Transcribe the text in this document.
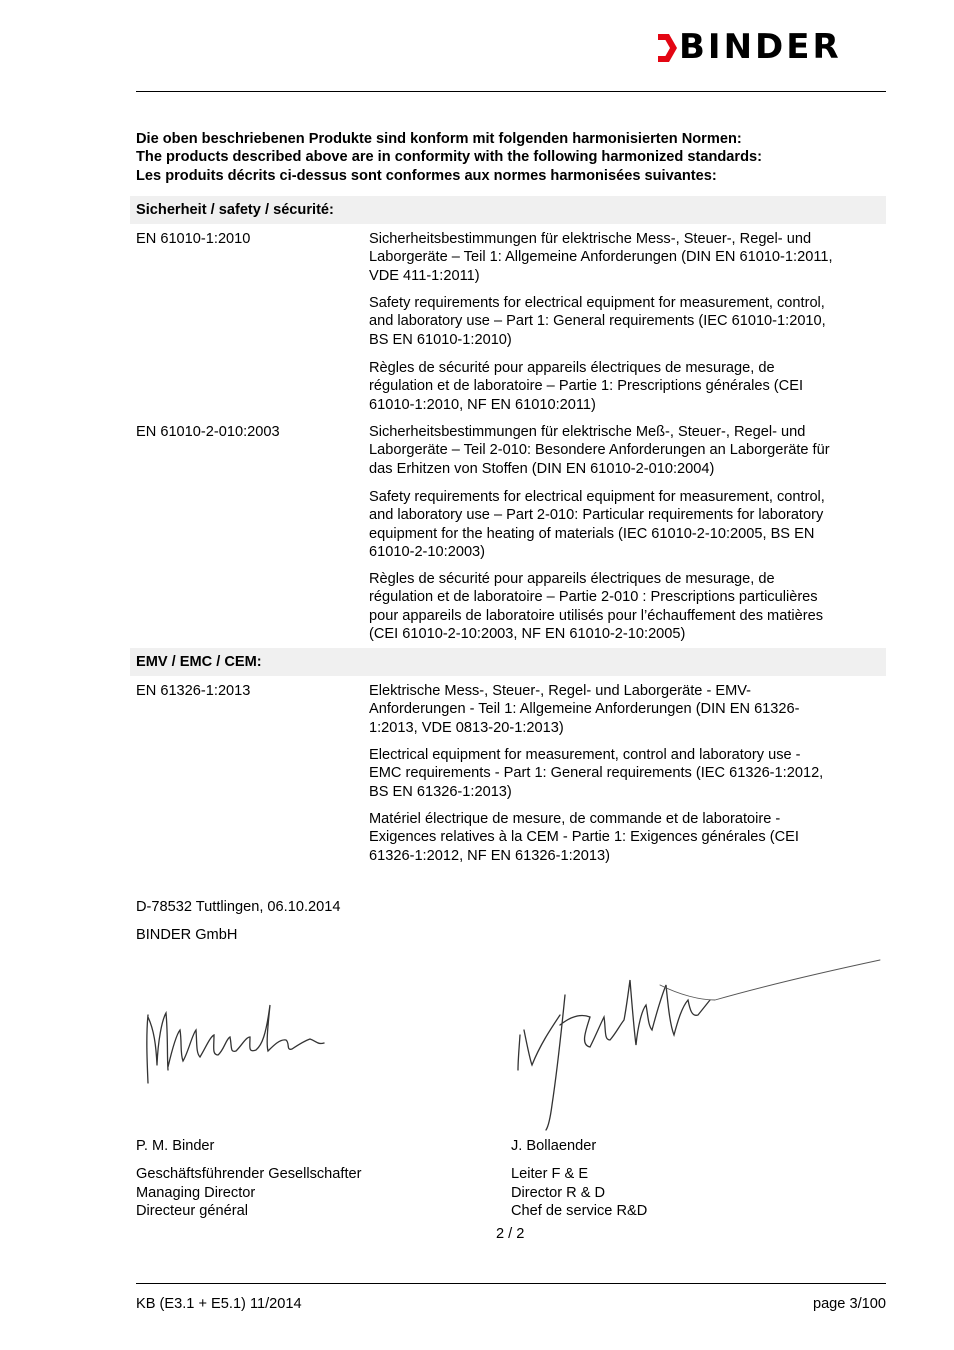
BINDER
Die oben beschriebenen Produkte sind konform mit folgenden harmonisierten Normen:
The products described above are in conformity with the following harmonized standards:
Les produits décrits ci-dessus sont conformes aux normes harmonisées suivantes:
Sicherheit / safety / sécurité:
EN 61010-1:2010	Sicherheitsbestimmungen für elektrische Mess-, Steuer-, Regel- und
Laborgeräte – Teil 1: Allgemeine Anforderungen (DIN EN 61010-1:2011,
VDE 411-1:2011)
Safety requirements for electrical equipment for measurement, control,
and laboratory use – Part 1: General requirements (IEC 61010-1:2010,
BS EN 61010-1:2010)
Règles de sécurité pour appareils électriques de mesurage, de
régulation et de laboratoire – Partie 1: Prescriptions générales (CEI
61010-1:2010, NF EN 61010:2011)
EN 61010-2-010:2003	Sicherheitsbestimmungen für elektrische Meß-, Steuer-, Regel- und
Laborgeräte – Teil 2-010: Besondere Anforderungen an Laborgeräte für
das Erhitzen von Stoffen (DIN EN 61010-2-010:2004)
Safety requirements for electrical equipment for measurement, control,
and laboratory use – Part 2-010: Particular requirements for laboratory
equipment for the heating of materials (IEC 61010-2-10:2005, BS EN
61010-2-10:2003)
Règles de sécurité pour appareils électriques de mesurage, de
régulation et de laboratoire – Partie 2-010 : Prescriptions particulières
pour appareils de laboratoire utilisés pour l’échauffement des matières
(CEI 61010-2-10:2003, NF EN 61010-2-10:2005)
EMV / EMC / CEM:
EN 61326-1:2013	Elektrische Mess-, Steuer-, Regel- und Laborgeräte - EMV-
Anforderungen - Teil 1: Allgemeine Anforderungen (DIN EN 61326-
1:2013, VDE 0813-20-1:2013)
Electrical equipment for measurement, control and laboratory use -
EMC requirements - Part 1: General requirements (IEC 61326-1:2012,
BS EN 61326-1:2013)
Matériel électrique de mesure, de commande et de laboratoire -
Exigences relatives à la CEM - Partie 1: Exigences générales (CEI
61326-1:2012, NF EN 61326-1:2013)
D-78532 Tuttlingen, 06.10.2014
BINDER GmbH
P. M. Binder
Geschäftsführender Gesellschafter
Managing Director
Directeur général
J. Bollaender
Leiter F & E
Director R & D
Chef de service R&D
2 / 2
KB (E3.1 + E5.1) 11/2014	page 3/100
